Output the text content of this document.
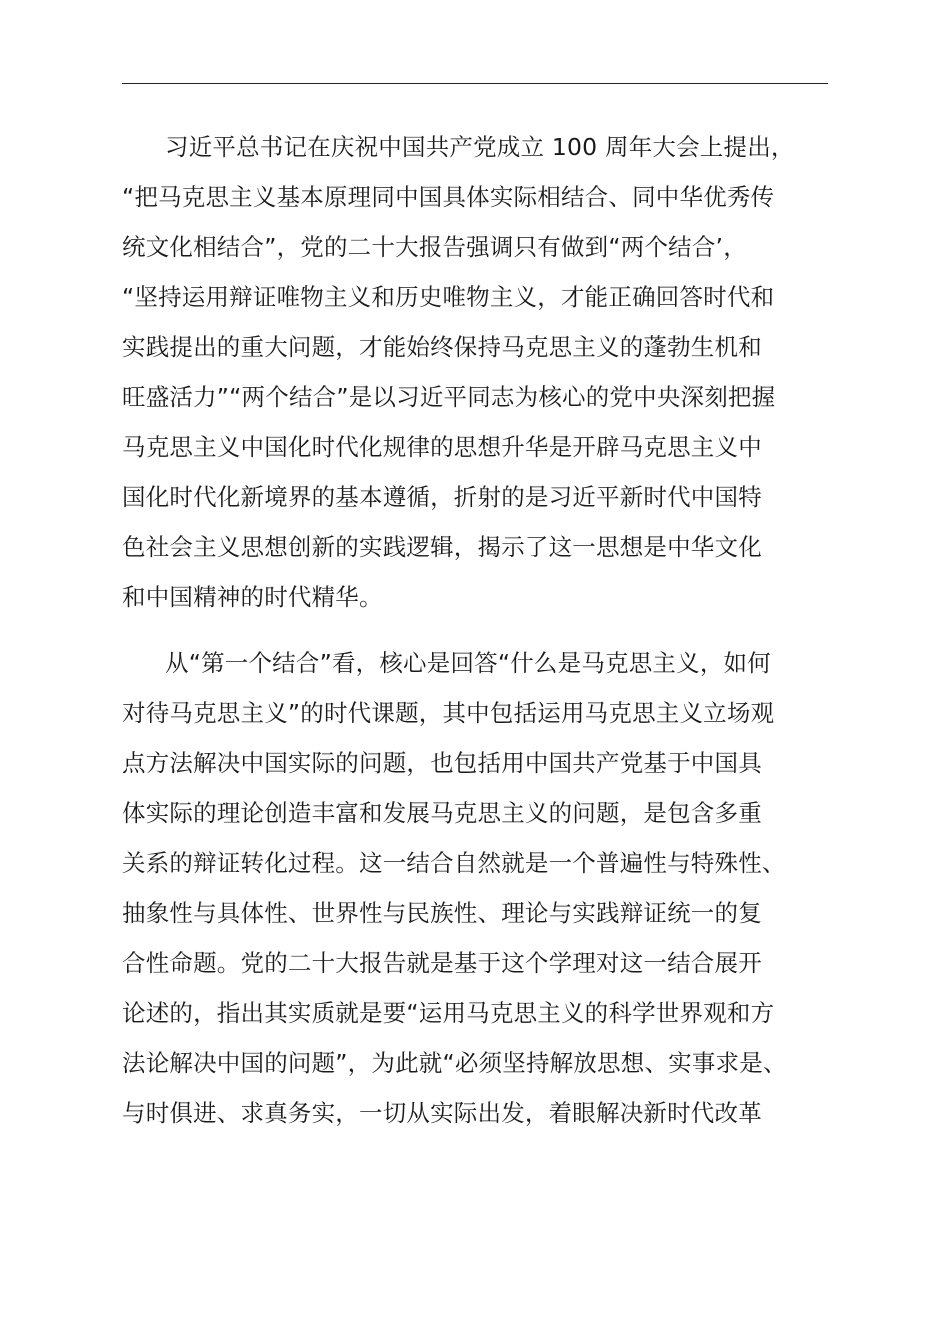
习近平总书记在庆祝中国共产党成立 100 周年大会上提出，
“把马克思主义基本原理同中国具体实际相结合、同中华优秀传
统文化相结合”，党的二十大报告强调只有做到“两个结合’，
“坚持运用辩证唯物主义和历史唯物主义，才能正确回答时代和
实践提出的重大问题，才能始终保持马克思主义的蓬勃生机和
旺盛活力”“两个结合”是以习近平同志为核心的党中央深刻把握
马克思主义中国化时代化规律的思想升华是开辟马克思主义中
国化时代化新境界的基本遵循，折射的是习近平新时代中国特
色社会主义思想创新的实践逻辑，揭示了这一思想是中华文化
和中国精神的时代精华。

从“第一个结合”看，核心是回答“什么是马克思主义，如何
对待马克思主义”的时代课题，其中包括运用马克思主义立场观
点方法解决中国实际的问题，也包括用中国共产党基于中国具
体实际的理论创造丰富和发展马克思主义的问题，是包含多重
关系的辩证转化过程。这一结合自然就是一个普遍性与特殊性、
抽象性与具体性、世界性与民族性、理论与实践辩证统一的复
合性命题。党的二十大报告就是基于这个学理对这一结合展开
论述的，指出其实质就是要“运用马克思主义的科学世界观和方
法论解决中国的问题”，为此就“必须坚持解放思想、实事求是、
与时俱进、求真务实，一切从实际出发，着眼解决新时代改革
